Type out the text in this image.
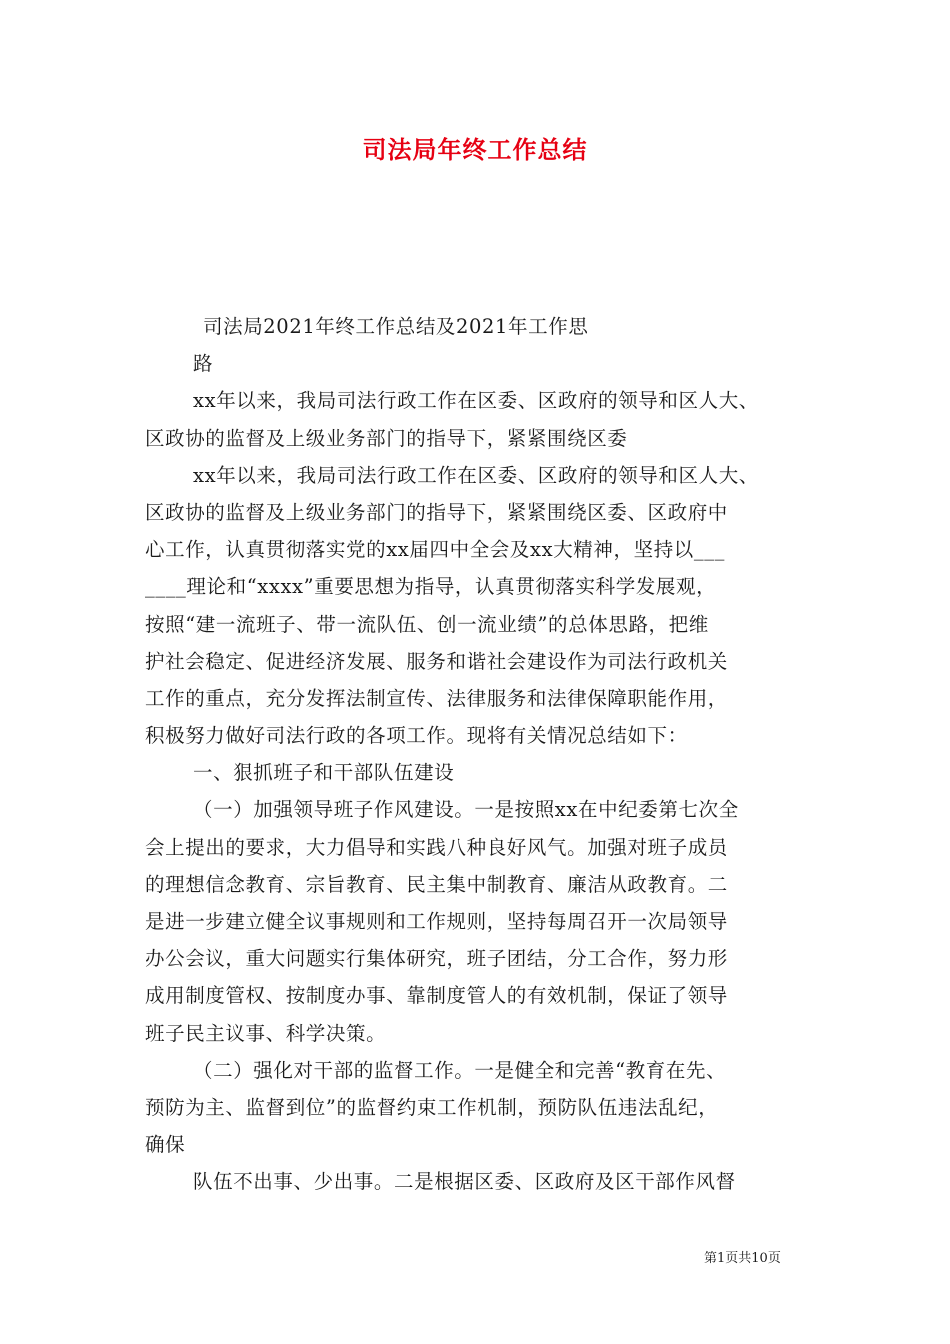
司法局年终工作总结
司法局2021年终工作总结及2021年工作思
路
xx年以来，我局司法行政工作在区委、区政府的领导和区人大、
区政协的监督及上级业务部门的指导下，紧紧围绕区委
xx年以来，我局司法行政工作在区委、区政府的领导和区人大、
区政协的监督及上级业务部门的指导下，紧紧围绕区委、区政府中
心工作，认真贯彻落实党的xx届四中全会及xx大精神，坚持以___
____理论和“xxxx”重要思想为指导，认真贯彻落实科学发展观，
按照“建一流班子、带一流队伍、创一流业绩”的总体思路，把维
护社会稳定、促进经济发展、服务和谐社会建设作为司法行政机关
工作的重点，充分发挥法制宣传、法律服务和法律保障职能作用，
积极努力做好司法行政的各项工作。现将有关情况总结如下：
一、狠抓班子和干部队伍建设
（一）加强领导班子作风建设。一是按照xx在中纪委第七次全
会上提出的要求，大力倡导和实践八种良好风气。加强对班子成员
的理想信念教育、宗旨教育、民主集中制教育、廉洁从政教育。二
是进一步建立健全议事规则和工作规则，坚持每周召开一次局领导
办公会议，重大问题实行集体研究，班子团结，分工合作，努力形
成用制度管权、按制度办事、靠制度管人的有效机制，保证了领导
班子民主议事、科学决策。
（二）强化对干部的监督工作。一是健全和完善“教育在先、
预防为主、监督到位”的监督约束工作机制，预防队伍违法乱纪，
确保
队伍不出事、少出事。二是根据区委、区政府及区干部作风督
第1页共10页
